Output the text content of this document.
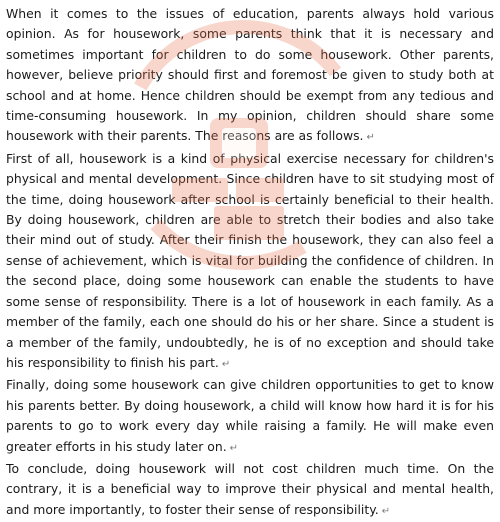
When it comes to the issues of education, parents always hold various opinion. As for housework, some parents think that it is necessary and sometimes important for children to do some housework. Other parents, however, believe priority should first and foremost be given to study both at school and at home. Hence children should be exempt from any tedious and time-consuming housework. In my opinion, children should share some housework with their parents. The reasons are as follows. ↵

First of all, housework is a kind of physical exercise necessary for children's physical and mental development. Since children have to sit studying most of the time, doing housework after school is certainly beneficial to their health. By doing housework, children are able to stretch their bodies and also take their mind out of study. After their finish the housework, they can also feel a sense of achievement, which is vital for building the confidence of children. In the second place, doing some housework can enable the students to have some sense of responsibility. There is a lot of housework in each family. As a member of the family, each one should do his or her share. Since a student is a member of the family, undoubtedly, he is of no exception and should take his responsibility to finish his part. ↵

Finally, doing some housework can give children opportunities to get to know his parents better. By doing housework, a child will know how hard it is for his parents to go to work every day while raising a family. He will make even greater efforts in his study later on. ↵

To conclude, doing housework will not cost children much time. On the contrary, it is a beneficial way to improve their physical and mental health, and more importantly, to foster their sense of responsibility. ↵
